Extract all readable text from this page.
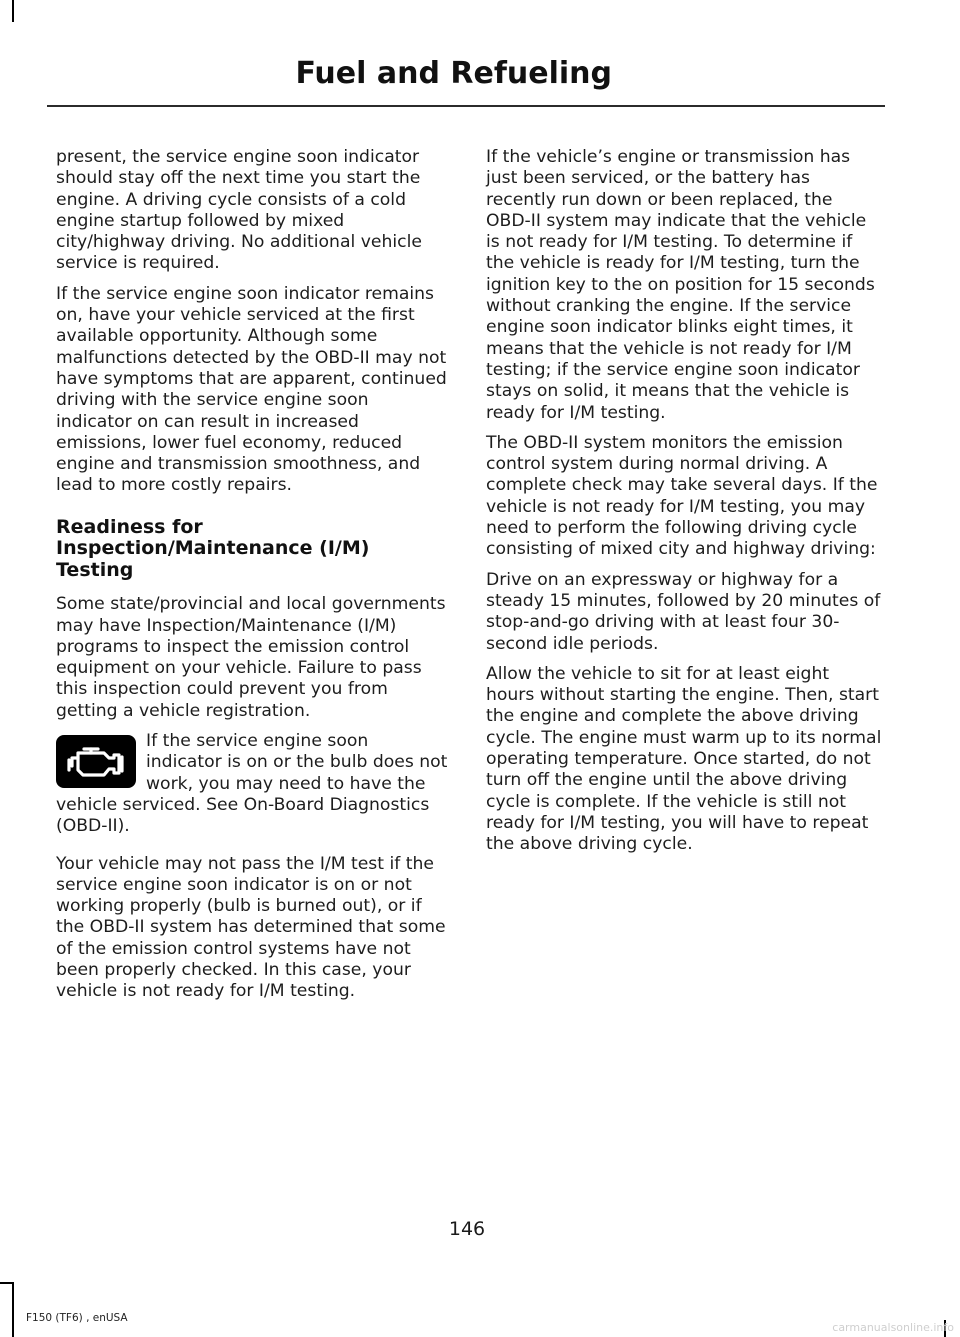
Fuel and Refueling

present, the service engine soon indicator should stay off the next time you start the engine. A driving cycle consists of a cold engine startup followed by mixed city/highway driving. No additional vehicle service is required.

If the service engine soon indicator remains on, have your vehicle serviced at the first available opportunity. Although some malfunctions detected by the OBD-II may not have symptoms that are apparent, continued driving with the service engine soon indicator on can result in increased emissions, lower fuel economy, reduced engine and transmission smoothness, and lead to more costly repairs.

Readiness for Inspection/Maintenance (I/M) Testing

Some state/provincial and local governments may have Inspection/Maintenance (I/M) programs to inspect the emission control equipment on your vehicle. Failure to pass this inspection could prevent you from getting a vehicle registration.

If the service engine soon indicator is on or the bulb does not work, you may need to have the vehicle serviced. See On-Board Diagnostics (OBD-II).

Your vehicle may not pass the I/M test if the service engine soon indicator is on or not working properly (bulb is burned out), or if the OBD-II system has determined that some of the emission control systems have not been properly checked. In this case, your vehicle is not ready for I/M testing.

If the vehicle’s engine or transmission has just been serviced, or the battery has recently run down or been replaced, the OBD-II system may indicate that the vehicle is not ready for I/M testing. To determine if the vehicle is ready for I/M testing, turn the ignition key to the on position for 15 seconds without cranking the engine. If the service engine soon indicator blinks eight times, it means that the vehicle is not ready for I/M testing; if the service engine soon indicator stays on solid, it means that the vehicle is ready for I/M testing.

The OBD-II system monitors the emission control system during normal driving. A complete check may take several days. If the vehicle is not ready for I/M testing, you may need to perform the following driving cycle consisting of mixed city and highway driving:

Drive on an expressway or highway for a steady 15 minutes, followed by 20 minutes of stop-and-go driving with at least four 30-second idle periods.

Allow the vehicle to sit for at least eight hours without starting the engine. Then, start the engine and complete the above driving cycle. The engine must warm up to its normal operating temperature. Once started, do not turn off the engine until the above driving cycle is complete. If the vehicle is still not ready for I/M testing, you will have to repeat the above driving cycle.

146
F150 (TF6) , enUSA
carmanualsonline.info
